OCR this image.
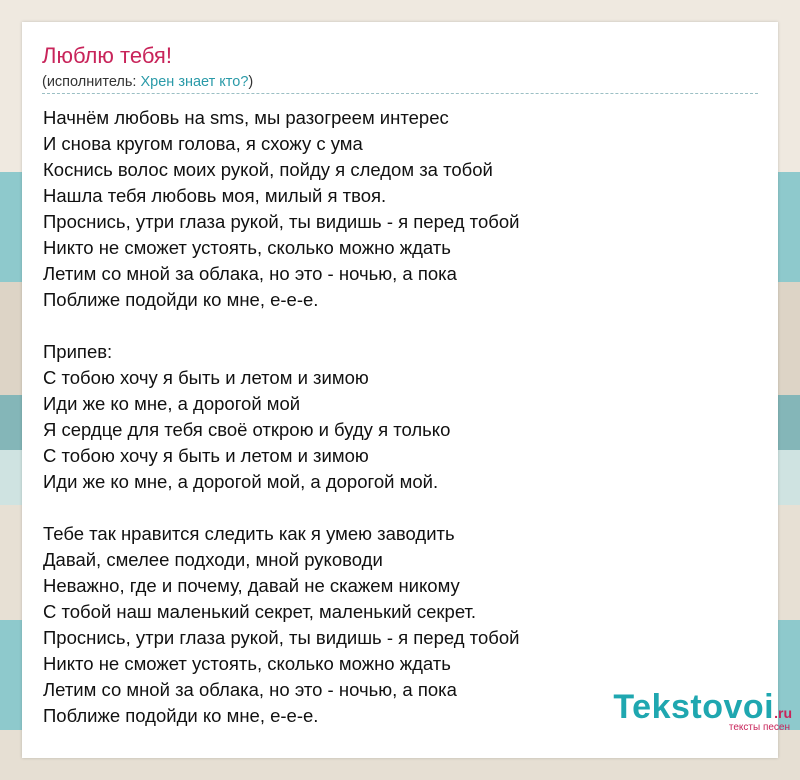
Люблю тебя!
(исполнитель: Хрен знает кто?)
Начнём любовь на sms, мы разогреем интерес
И снова кругом голова, я схожу с ума
Коснись волос моих рукой, пойду я следом за тобой
Нашла тебя любовь моя, милый я твоя.
Проснись, утри глаза рукой, ты видишь - я перед тобой
Никто не сможет устоять, сколько можно ждать
Летим со мной за облака, но это - ночью, а пока
Поближе подойди ко мне, е-е-е.
Припев:
С тобою хочу я быть и летом и зимою
Иди же ко мне, а дорогой мой
Я сердце для тебя своё открою и буду я только
С тобою хочу я быть и летом и зимою
Иди же ко мне, а дорогой мой, а дорогой мой.
Тебе так нравится следить как я умею заводить
Давай, смелее подходи, мной руководи
Неважно, где и почему, давай не скажем никому
С тобой наш маленький секрет, маленький секрет.
Проснись, утри глаза рукой, ты видишь - я перед тобой
Никто не сможет устоять, сколько можно ждать
Летим со мной за облака, но это - ночью, а пока
Поближе подойди ко мне, е-е-е.	Tekstovoi.ru
тексты песен
